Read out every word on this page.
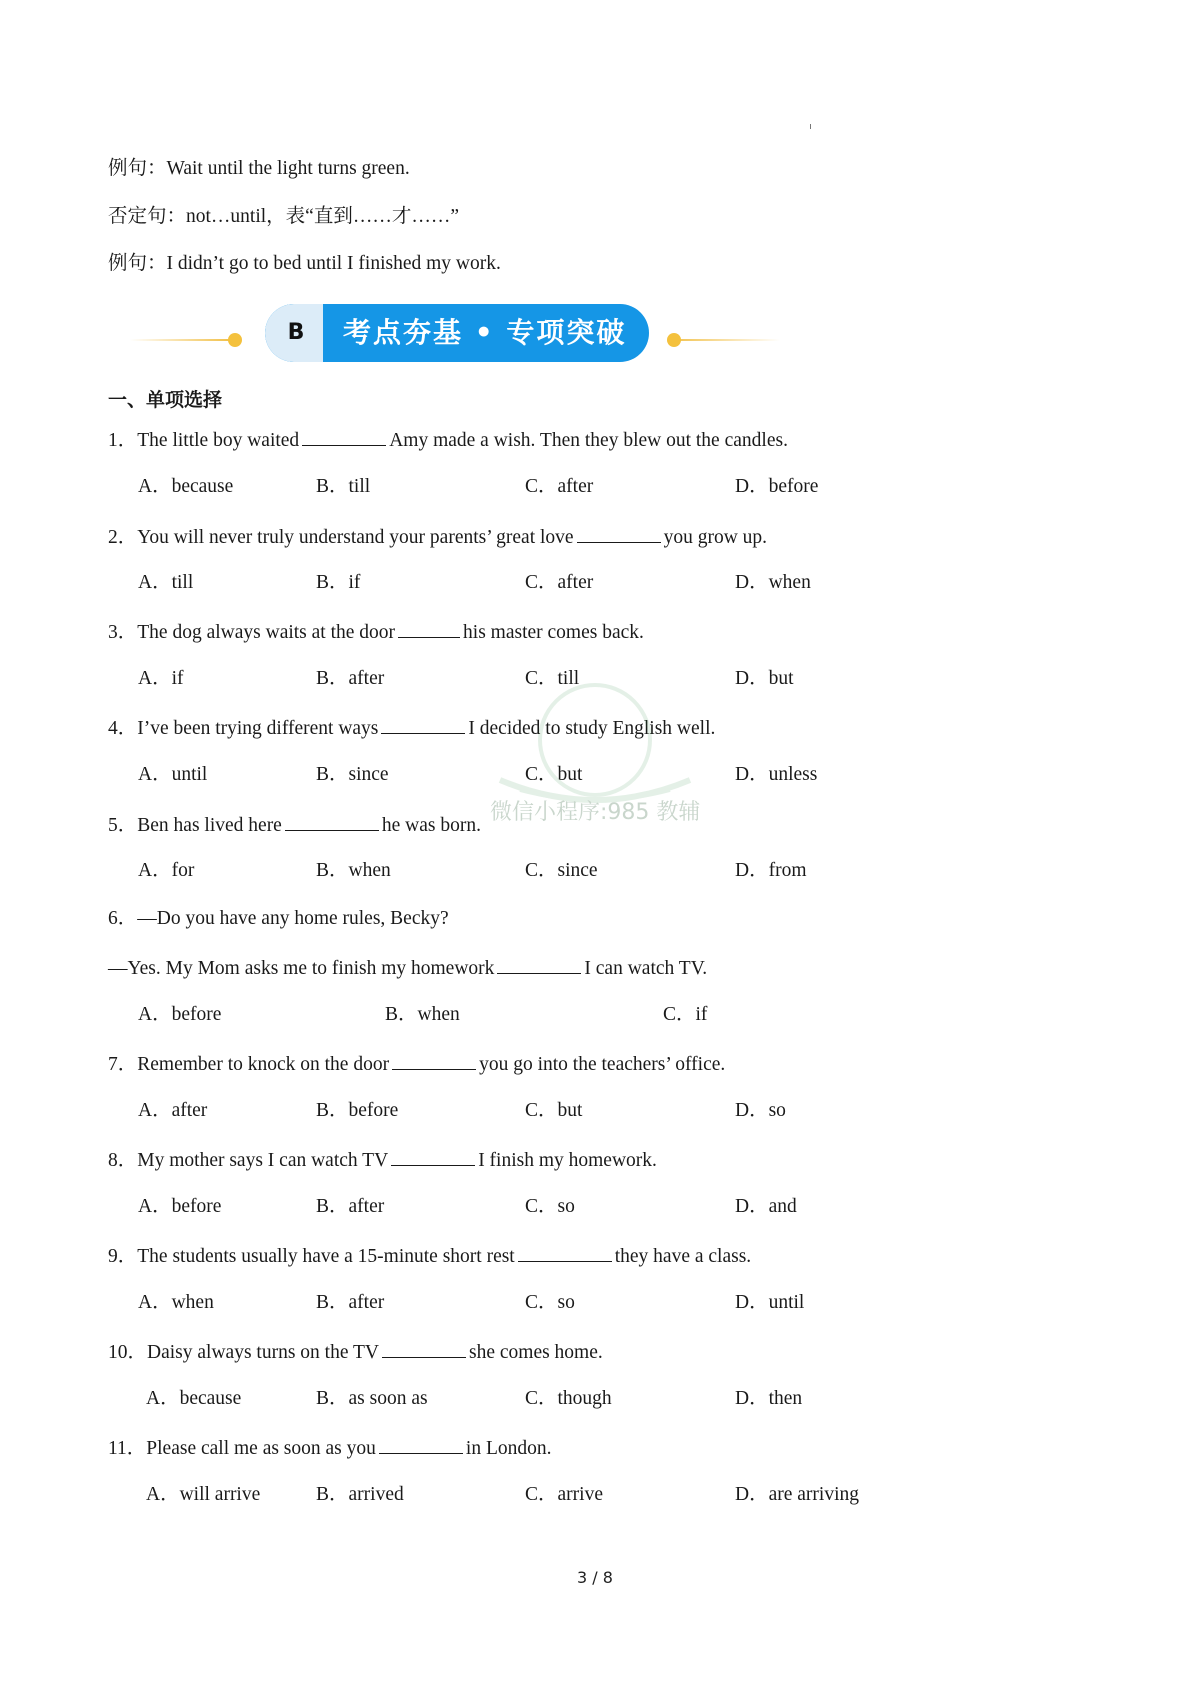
例句：Wait until the light turns green.
否定句：not…until，表“直到……才……”
例句：I didn’t go to bed until I finished my work.
B	考点夯基 • 专项突破
一、单项选择
1．The little boy waited	Amy made a wish. Then they blew out the candles.
A．because	B．till	C．after	D．before
2．You will never truly understand your parents’ great love	you grow up.
A．till	B．if	C．after	D．when
3．The dog always waits at the door	his master comes back.
A．if	B．after	C．till	D．but
4．I’ve been trying different ways	I decided to study English well.
A．until	B．since	C．but	D．unless
5．Ben has lived here	he was born.
A．for	B．when	C．since	D．from
6．—Do you have any home rules, Becky?
—Yes. My Mom asks me to finish my homework	I can watch TV.
A．before	B．when	C．if
7．Remember to knock on the door	you go into the teachers’ office.
A．after	B．before	C．but	D．so
8．My mother says I can watch TV	I finish my homework.
A．before	B．after	C．so	D．and
9．The students usually have a 15-minute short rest	they have a class.
A．when	B．after	C．so	D．until
10．Daisy always turns on the TV	she comes home.
A．because	B．as soon as	C．though	D．then
11．Please call me as soon as you	in London.
A．will arrive	B．arrived	C．arrive	D．are arriving
微信小程序:985 教辅
3 / 8
